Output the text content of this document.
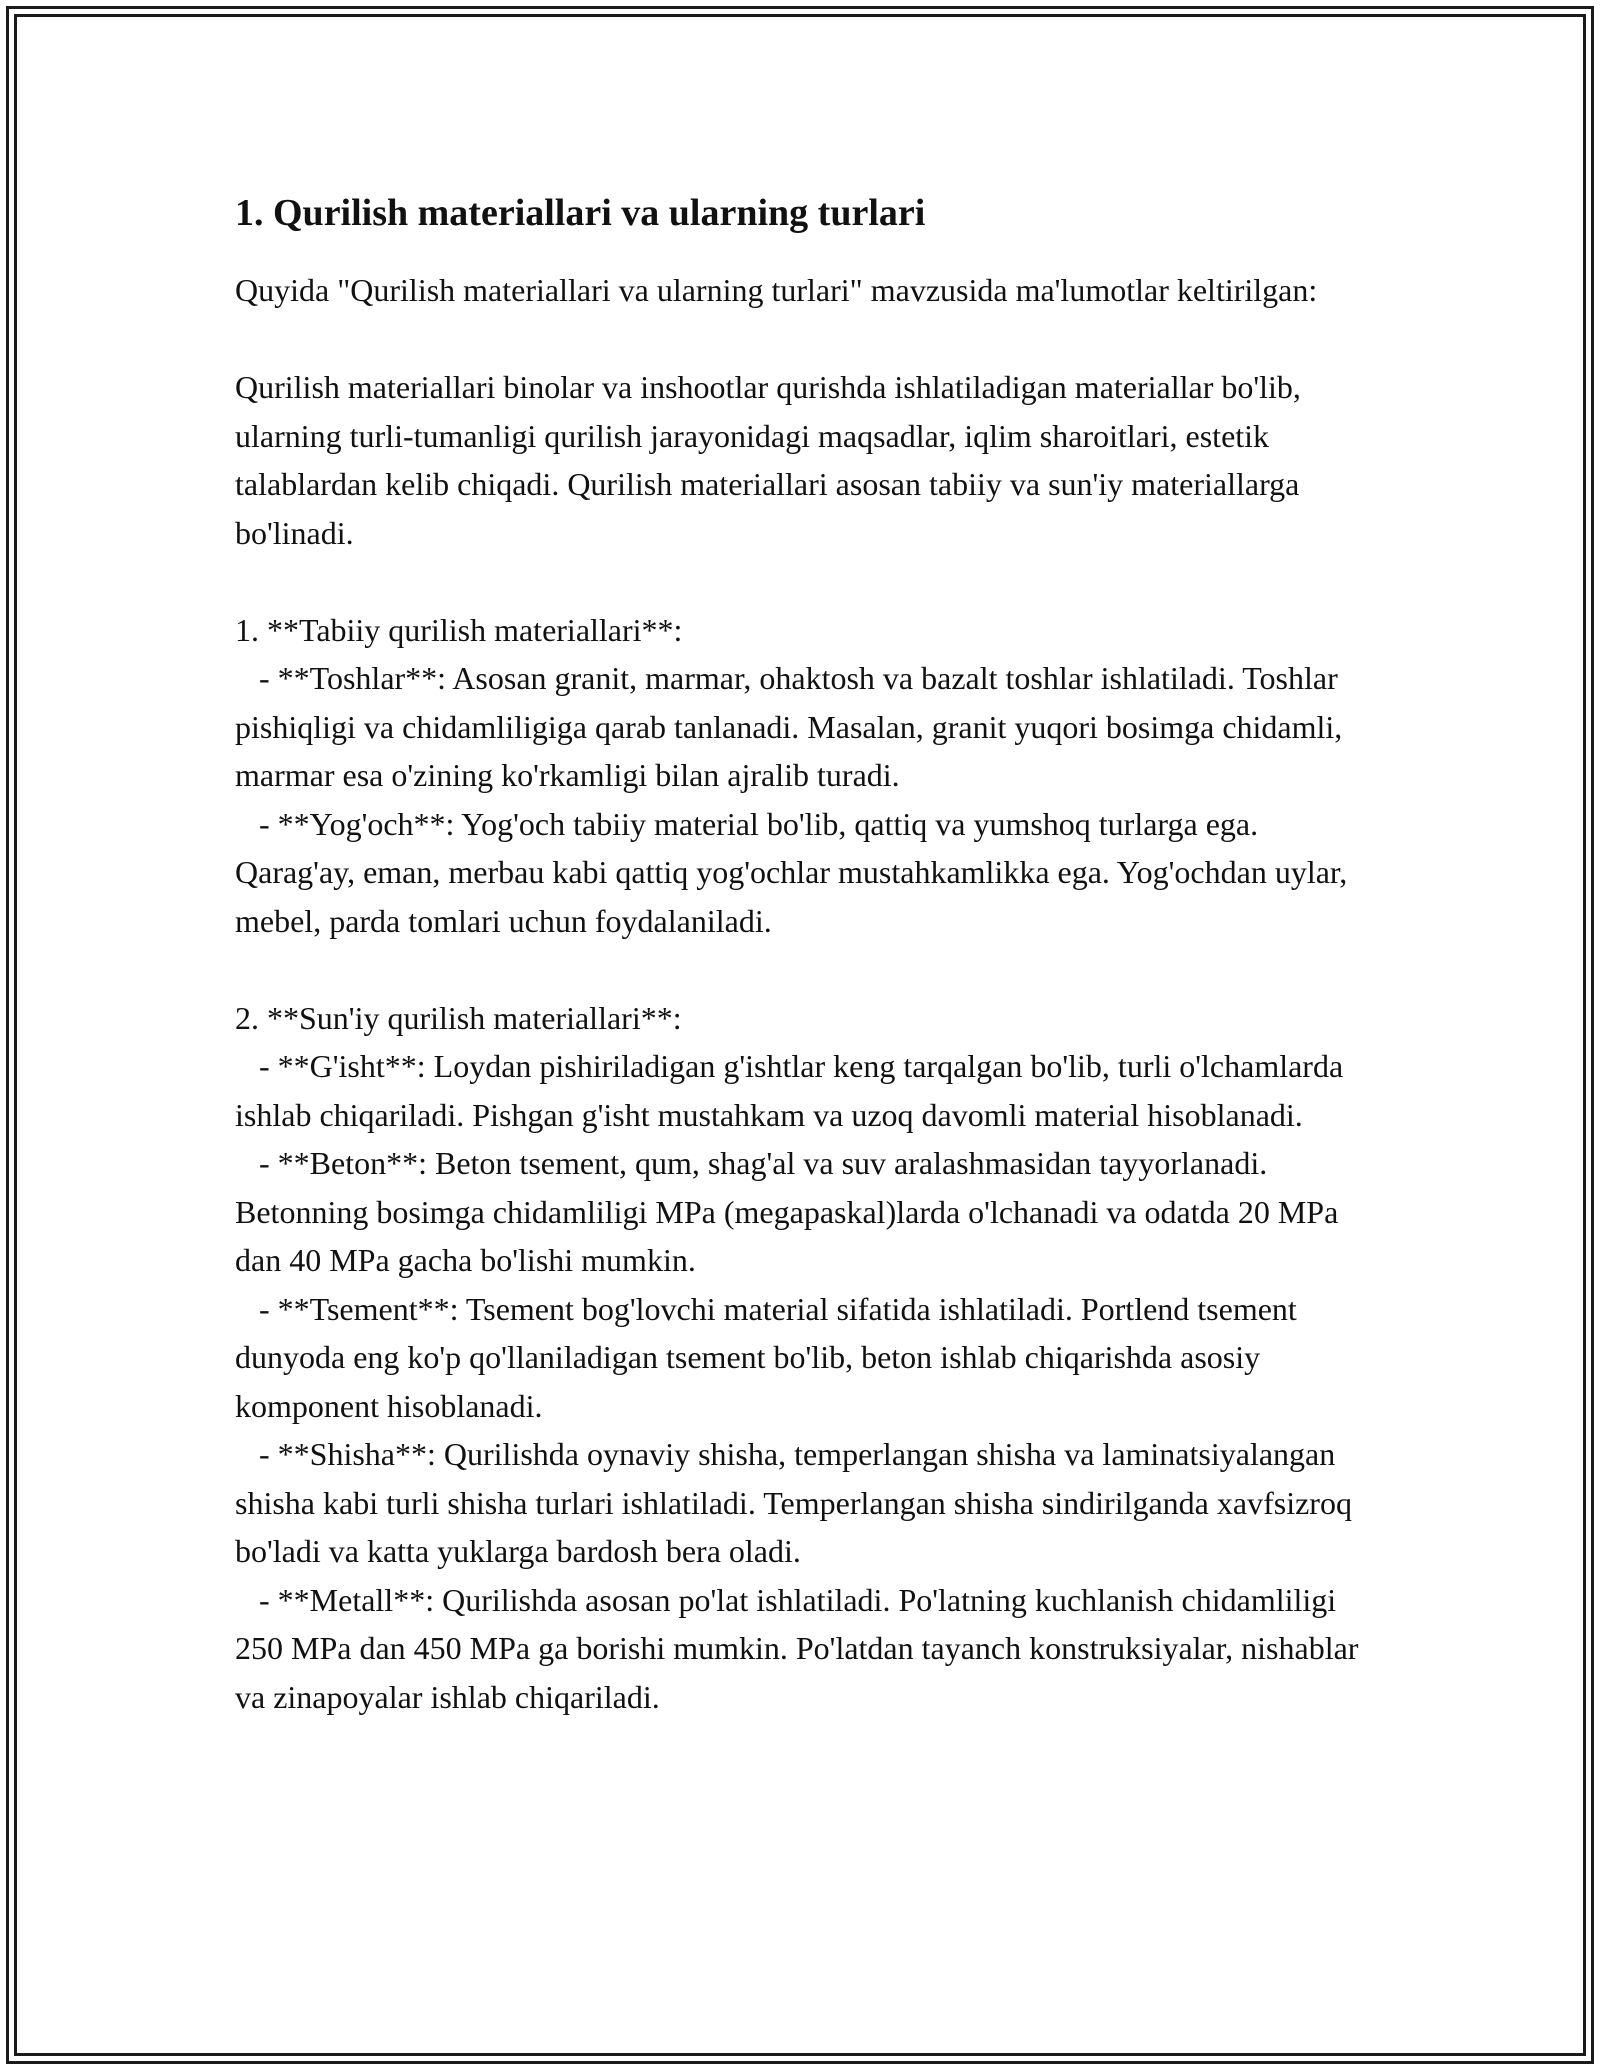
1. Qurilish materiallari va ularning turlari

Quyida "Qurilish materiallari va ularning turlari" mavzusida ma'lumotlar keltirilgan:

Qurilish materiallari binolar va inshootlar qurishda ishlatiladigan materiallar bo'lib, ularning turli-tumanligi qurilish jarayonidagi maqsadlar, iqlim sharoitlari, estetik talablardan kelib chiqadi. Qurilish materiallari asosan tabiiy va sun'iy materiallarga bo'linadi.

1. **Tabiiy qurilish materiallari**:

- **Toshlar**: Asosan granit, marmar, ohaktosh va bazalt toshlar ishlatiladi. Toshlar pishiqligi va chidamliligiga qarab tanlanadi. Masalan, granit yuqori bosimga chidamli, marmar esa o'zining ko'rkamligi bilan ajralib turadi.

- **Yog'och**: Yog'och tabiiy material bo'lib, qattiq va yumshoq turlarga ega. Qarag'ay, eman, merbau kabi qattiq yog'ochlar mustahkamlikka ega. Yog'ochdan uylar, mebel, parda tomlari uchun foydalaniladi.

2. **Sun'iy qurilish materiallari**:

- **G'isht**: Loydan pishiriladigan g'ishtlar keng tarqalgan bo'lib, turli o'lchamlarda ishlab chiqariladi. Pishgan g'isht mustahkam va uzoq davomli material hisoblanadi.

- **Beton**: Beton tsement, qum, shag'al va suv aralashmasidan tayyorlanadi. Betonning bosimga chidamliligi MPa (megapaskal)larda o'lchanadi va odatda 20 MPa dan 40 MPa gacha bo'lishi mumkin.

- **Tsement**: Tsement bog'lovchi material sifatida ishlatiladi. Portlend tsement dunyoda eng ko'p qo'llaniladigan tsement bo'lib, beton ishlab chiqarishda asosiy komponent hisoblanadi.

- **Shisha**: Qurilishda oynaviy shisha, temperlangan shisha va laminatsiyalangan shisha kabi turli shisha turlari ishlatiladi. Temperlangan shisha sindirilganda xavfsizroq bo'ladi va katta yuklarga bardosh bera oladi.

- **Metall**: Qurilishda asosan po'lat ishlatiladi. Po'latning kuchlanish chidamliligi 250 MPa dan 450 MPa ga borishi mumkin. Po'latdan tayanch konstruksiyalar, nishablar va zinapoyalar ishlab chiqariladi.
